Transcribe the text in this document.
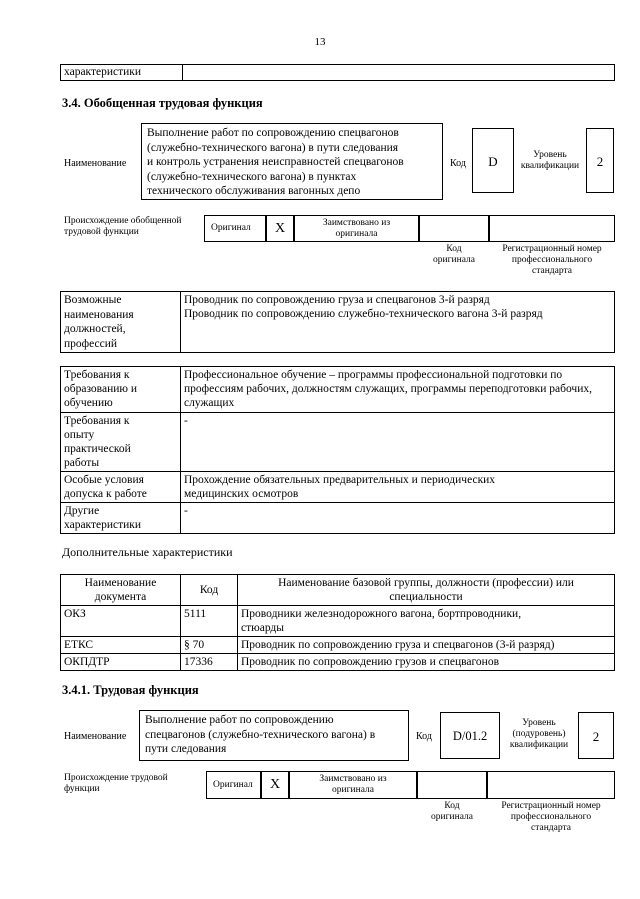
13
характеристики	
3.4. Обобщенная трудовая функция
Наименование
Выполнение работ по сопровождению спецвагонов
(служебно-технического вагона) в пути следования
и контроль устранения неисправностей спецвагонов
(служебно-технического вагона) в пунктах
технического обслуживания вагонных депо
Код	D	Уровень
квалификации	2
Происхождение обобщенной
трудовой функции	Оригинал	X	Заимствовано из
оригинала
Код
оригинала
Регистрационный номер
профессионального
стандарта
Возможные
наименования
должностей,
профессий	Проводник по сопровождению груза и спецвагонов 3-й разряд
Проводник по сопровождению служебно-технического вагона 3-й разряд
Требования к
образованию и
обучению	Профессиональное обучение – программы профессиональной подготовки по профессиям рабочих, должностям служащих, программы переподготовки рабочих, служащих
Требования к
опыту
практической
работы	-
Особые условия
допуска к работе	Прохождение обязательных предварительных и периодических
медицинских осмотров
Другие
характеристики	-
Дополнительные характеристики
Наименование
документа	Код	Наименование базовой группы, должности (профессии) или
специальности
ОКЗ	5111	Проводники железнодорожного вагона, бортпроводники,
стюарды
ЕТКС	§ 70	Проводник по сопровождению груза и спецвагонов (3-й разряд)
ОКПДТР	17336	Проводник по сопровождению грузов и спецвагонов
3.4.1. Трудовая функция
Наименование
Выполнение работ по сопровождению
спецвагонов (служебно-технического вагона) в
пути следования
Код	D/01.2
Уровень
(подуровень)
квалификации
2
Происхождение трудовой
функции	Оригинал	X	Заимствовано из
оригинала
Код
оригинала
Регистрационный номер
профессионального
стандарта
